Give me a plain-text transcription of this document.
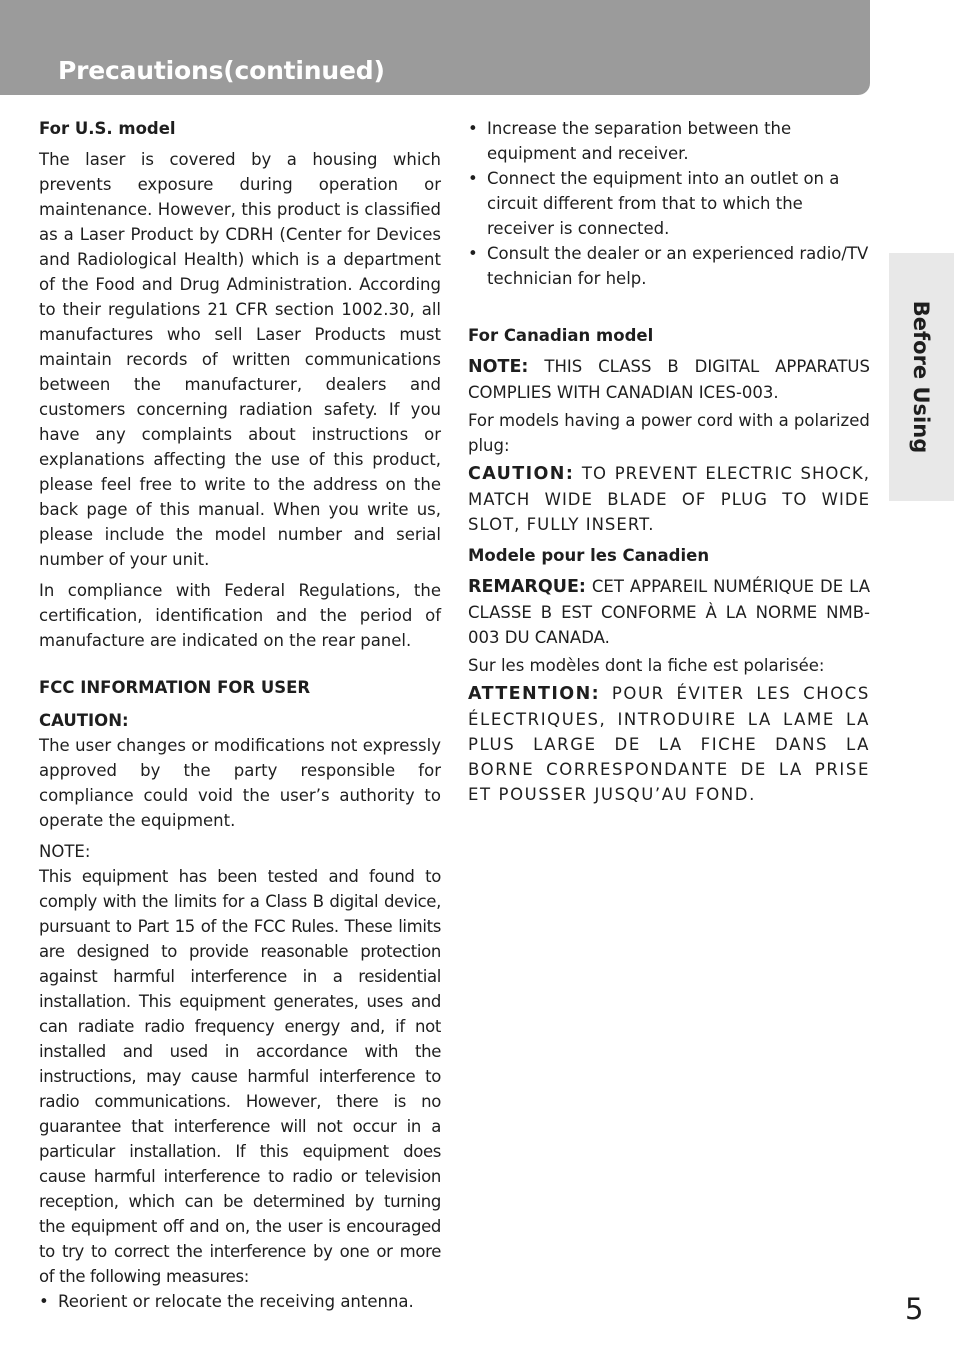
Precautions(continued)

For U.S. model

The laser is covered by a housing which prevents exposure during operation or maintenance. However, this product is classified as a Laser Product by CDRH (Center for Devices and Radiological Health) which is a department of the Food and Drug Administration. According to their regulations 21 CFR section 1002.30, all manufactures who sell Laser Products must maintain records of written communications between the manufacturer, dealers and customers concerning radiation safety. If you have any complaints about instructions or explanations affecting the use of this product, please feel free to write to the address on the back page of this manual. When you write us, please include the model number and serial number of your unit.

In compliance with Federal Regulations, the certification, identification and the period of manufacture are indicated on the rear panel.

FCC INFORMATION FOR USER

CAUTION:

The user changes or modifications not expressly approved by the party responsible for compliance could void the user’s authority to operate the equipment.

NOTE:

This equipment has been tested and found to comply with the limits for a Class B digital device, pursuant to Part 15 of the FCC Rules. These limits are designed to provide reasonable protection against harmful interference in a residential installation. This equipment generates, uses and can radiate radio frequency energy and, if not installed and used in accordance with the instructions, may cause harmful interference to radio communications. However, there is no guarantee that interference will not occur in a particular installation. If this equipment does cause harmful interference to radio or television reception, which can be determined by turning the equipment off and on, the user is encouraged to try to correct the interference by one or more of the following measures:

• Reorient or relocate the receiving antenna.
• Increase the separation between the equipment and receiver.
• Connect the equipment into an outlet on a circuit different from that to which the receiver is connected.
• Consult the dealer or an experienced radio/TV technician for help.

For Canadian model

NOTE: THIS CLASS B DIGITAL APPARATUS COMPLIES WITH CANADIAN ICES-003.

For models having a power cord with a polarized plug:

CAUTION: TO PREVENT ELECTRIC SHOCK, MATCH WIDE BLADE OF PLUG TO WIDE SLOT, FULLY INSERT.

Modele pour les Canadien

REMARQUE: CET APPAREIL NUMÉRIQUE DE LA CLASSE B EST CONFORME À LA NORME NMB-003 DU CANADA.

Sur les modèles dont la fiche est polarisée:

ATTENTION: POUR ÉVITER LES CHOCS ÉLECTRIQUES, INTRODUIRE LA LAME LA PLUS LARGE DE LA FICHE DANS LA BORNE CORRESPONDANTE DE LA PRISE ET POUSSER JUSQU’AU FOND.

Before Using
5
